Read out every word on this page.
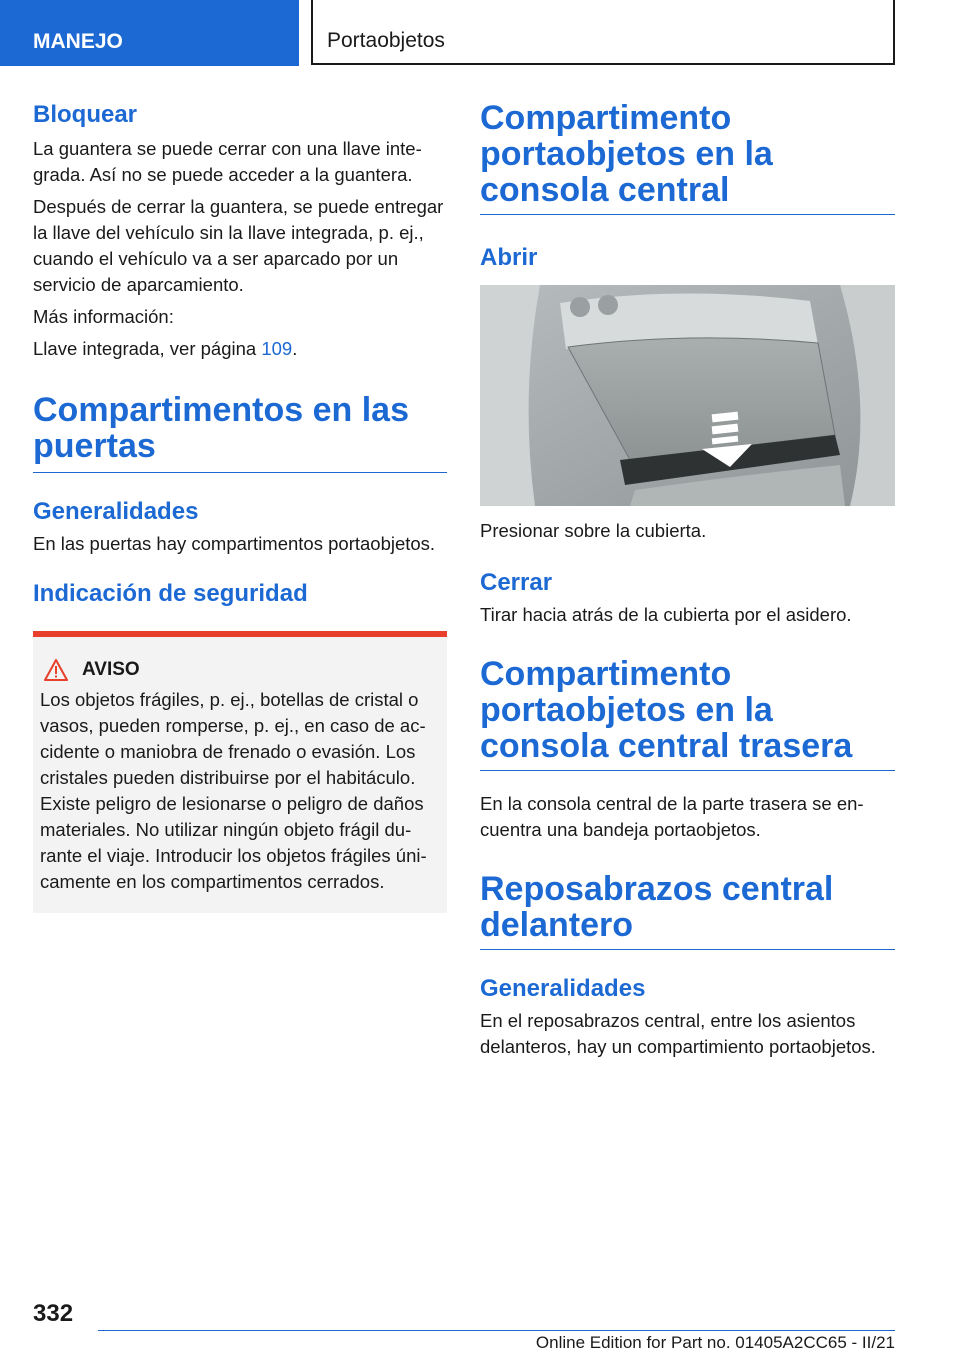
MANEJO	Portaobjetos
Bloquear

La guantera se puede cerrar con una llave integrada. Así no se puede acceder a la guantera.

Después de cerrar la guantera, se puede entregar la llave del vehículo sin la llave integrada, p. ej., cuando el vehículo va a ser aparcado por un servicio de aparcamiento.

Más información:

Llave integrada, ver página 109.

Compartimentos en las puertas
Generalidades

En las puertas hay compartimentos portaobjetos.

Indicación de seguridad
AVISO

Los objetos frágiles, p. ej., botellas de cristal o vasos, pueden romperse, p. ej., en caso de accidente o maniobra de frenado o evasión. Los cristales pueden distribuirse por el habitáculo. Existe peligro de lesionarse o peligro de daños materiales. No utilizar ningún objeto frágil durante el viaje. Introducir los objetos frágiles únicamente en los compartimentos cerrados.

Compartimento portaobjetos en la consola central
Abrir

Presionar sobre la cubierta.

Cerrar

Tirar hacia atrás de la cubierta por el asidero.

Compartimento portaobjetos en la consola central trasera

En la consola central de la parte trasera se encuentra una bandeja portaobjetos.

Reposabrazos central delantero
Generalidades

En el reposabrazos central, entre los asientos delanteros, hay un compartimiento portaobjetos.

332
Online Edition for Part no. 01405A2CC65 - II/21
